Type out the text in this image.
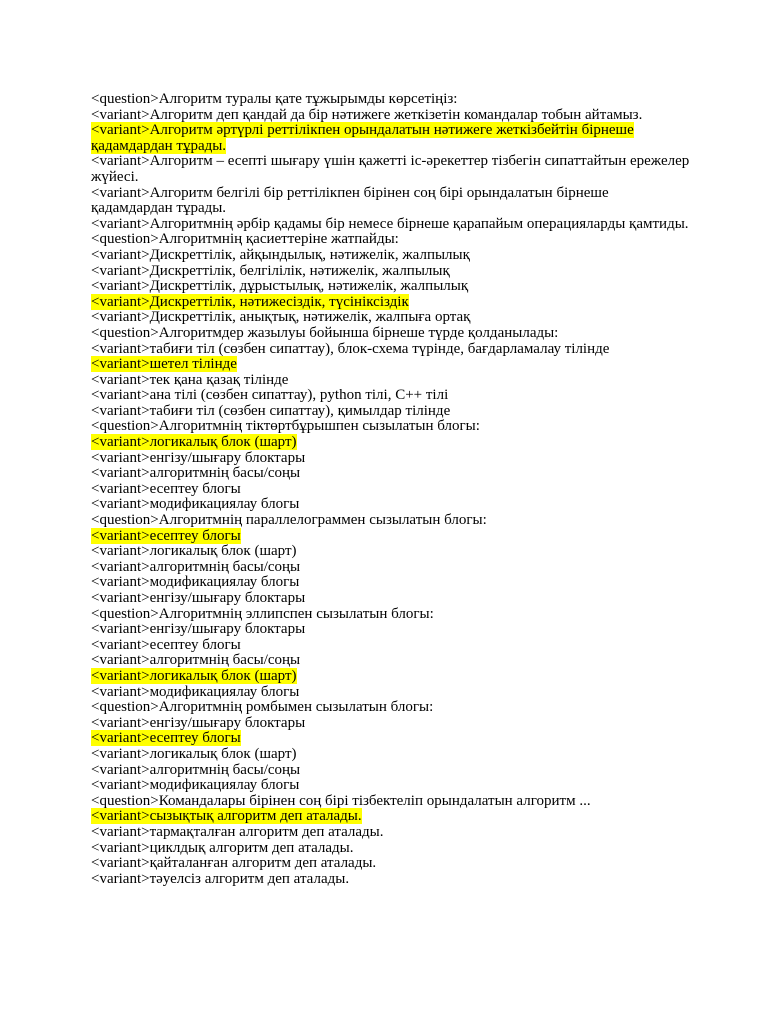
<question>Алгоритм туралы қате тұжырымды көрсетіңіз:
<variant>Алгоритм деп қандай да бір нәтижеге жеткізетін командалар тобын айтамыз.
<variant>Алгоритм әртүрлі реттілікпен орындалатын нәтижеге жеткізбейтін бірнеше қадамдардан тұрады.
<variant>Алгоритм – есепті шығару үшін қажетті іс-әрекеттер тізбегін сипаттайтын ережелер жүйесі.
<variant>Алгоритм белгілі бір реттілікпен бірінен соң бірі орындалатын бірнеше қадамдардан тұрады.
<variant>Алгоритмнің әрбір қадамы бір немесе бірнеше қарапайым операцияларды қамтиды.
<question>Алгоритмнің қасиеттеріне жатпайды:
<variant>Дискреттілік, айқындылық, нәтижелік, жалпылық
<variant>Дискреттілік, белгілілік, нәтижелік, жалпылық
<variant>Дискреттілік, дұрыстылық, нәтижелік, жалпылық
<variant>Дискреттілік, нәтижесіздік, түсініксіздік
<variant>Дискреттілік, анықтық, нәтижелік, жалпыға ортақ
<question>Алгоритмдер жазылуы бойынша бірнеше түрде қолданылады:
<variant>табиғи тіл (сөзбен сипаттау), блок-схема түрінде, бағдарламалау тілінде
<variant>шетел тілінде
<variant>тек қана қазақ тілінде
<variant>ана тілі (сөзбен сипаттау), python тілі, С++ тілі
<variant>табиғи тіл (сөзбен сипаттау), қимылдар тілінде
<question>Алгоритмнің тіктөртбұрышпен сызылатын блогы:
<variant>логикалық блок (шарт)
<variant>енгізу/шығару блоктары
<variant>алгоритмнің басы/соңы
<variant>есептеу блогы
<variant>модификациялау блогы
<question>Алгоритмнің параллелограммен сызылатын блогы:
<variant>есептеу блогы
<variant>логикалық блок (шарт)
<variant>алгоритмнің басы/соңы
<variant>модификациялау блогы
<variant>енгізу/шығару блоктары
<question>Алгоритмнің эллипспен сызылатын блогы:
<variant>енгізу/шығару блоктары
<variant>есептеу блогы
<variant>алгоритмнің басы/соңы
<variant>логикалық блок (шарт)
<variant>модификациялау блогы
<question>Алгоритмнің ромбымен сызылатын блогы:
<variant>енгізу/шығару блоктары
<variant>есептеу блогы
<variant>логикалық блок (шарт)
<variant>алгоритмнің басы/соңы
<variant>модификациялау блогы
<question>Командалары бірінен соң бірі тізбектеліп орындалатын алгоритм ...
<variant>сызықтық алгоритм деп аталады.
<variant>тармақталған алгоритм деп аталады.
<variant>циклдық алгоритм деп аталады.
<variant>қайталанған алгоритм деп аталады.
<variant>тәуелсіз алгоритм деп аталады.
